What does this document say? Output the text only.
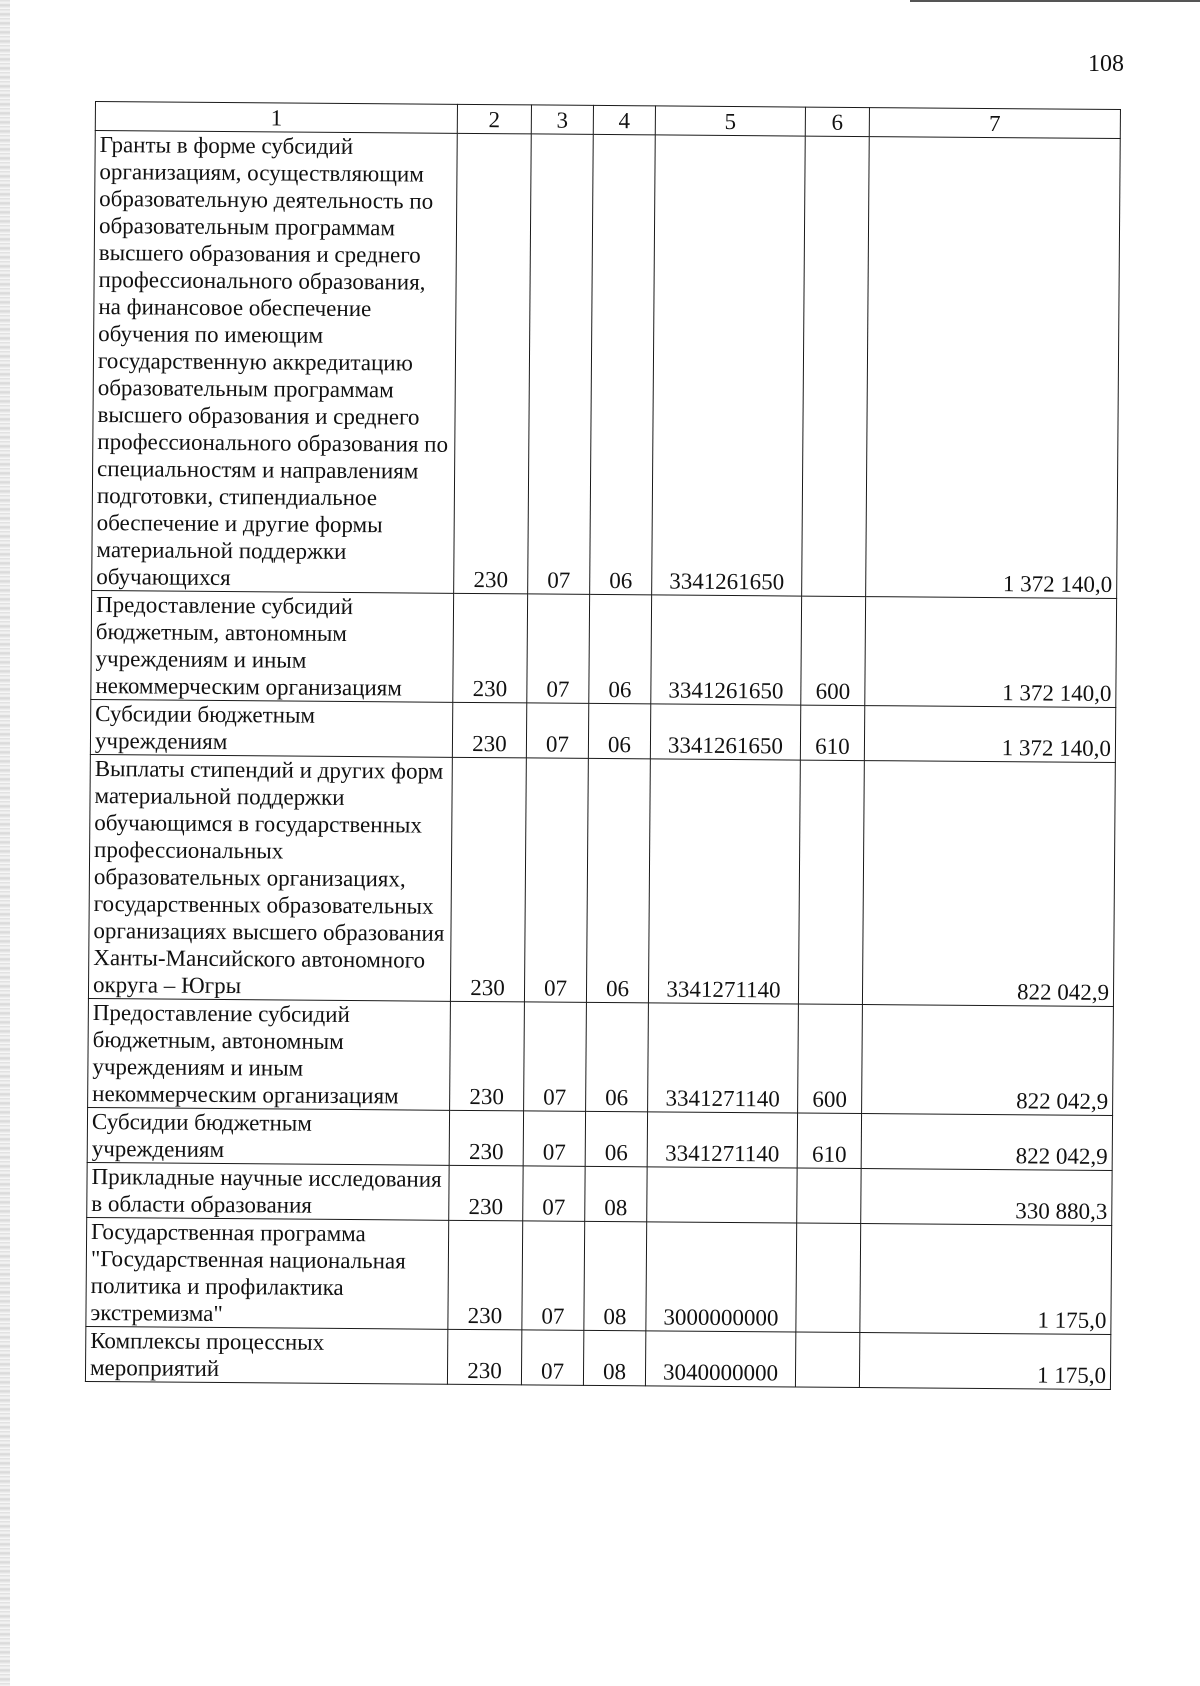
108
1	2	3	4	5	6	7
Гранты в форме субсидий организациям, осуществляющим образовательную деятельность по образовательным программам высшего образования и среднего профессионального образования, на финансовое обеспечение обучения по имеющим государственную аккредитацию образовательным программам высшего образования и среднего профессионального образования по специальностям и направлениям подготовки, стипендиальное обеспечение и другие формы материальной поддержки обучающихся	230	07	06	3341261650		1 372 140,0
Предоставление субсидий бюджетным, автономным учреждениям и иным некоммерческим организациям	230	07	06	3341261650	600	1 372 140,0
Субсидии бюджетным учреждениям	230	07	06	3341261650	610	1 372 140,0
Выплаты стипендий и других форм материальной поддержки обучающимся в государственных профессиональных образовательных организациях, государственных образовательных организациях высшего образования Ханты-Мансийского автономного округа – Югры	230	07	06	3341271140		822 042,9
Предоставление субсидий бюджетным, автономным учреждениям и иным некоммерческим организациям	230	07	06	3341271140	600	822 042,9
Субсидии бюджетным учреждениям	230	07	06	3341271140	610	822 042,9
Прикладные научные исследования в области образования	230	07	08			330 880,3
Государственная программа "Государственная национальная политика и профилактика экстремизма"	230	07	08	3000000000		1 175,0
Комплексы процессных мероприятий	230	07	08	3040000000		1 175,0
